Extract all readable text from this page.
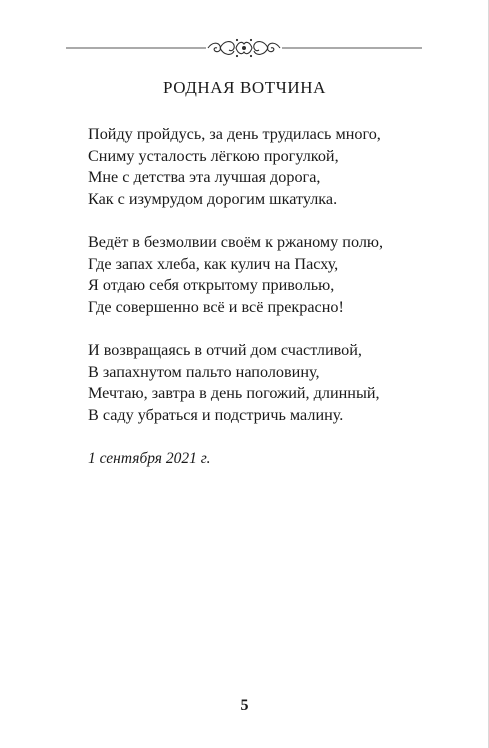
РОДНАЯ ВОТЧИНА
Пойду пройдусь, за день трудилась много,
Сниму усталость лёгкою прогулкой,
Мне с детства эта лучшая дорога,
Как с изумрудом дорогим шкатулка.
Ведёт в безмолвии своём к ржаному полю,
Где запах хлеба, как кулич на Пасху,
Я отдаю себя открытому приволью,
Где совершенно всё и всё прекрасно!
И возвращаясь в отчий дом счастливой,
В запахнутом пальто наполовину,
Мечтаю, завтра в день погожий, длинный,
В саду убраться и подстричь малину.
1 сентября 2021 г.
5
